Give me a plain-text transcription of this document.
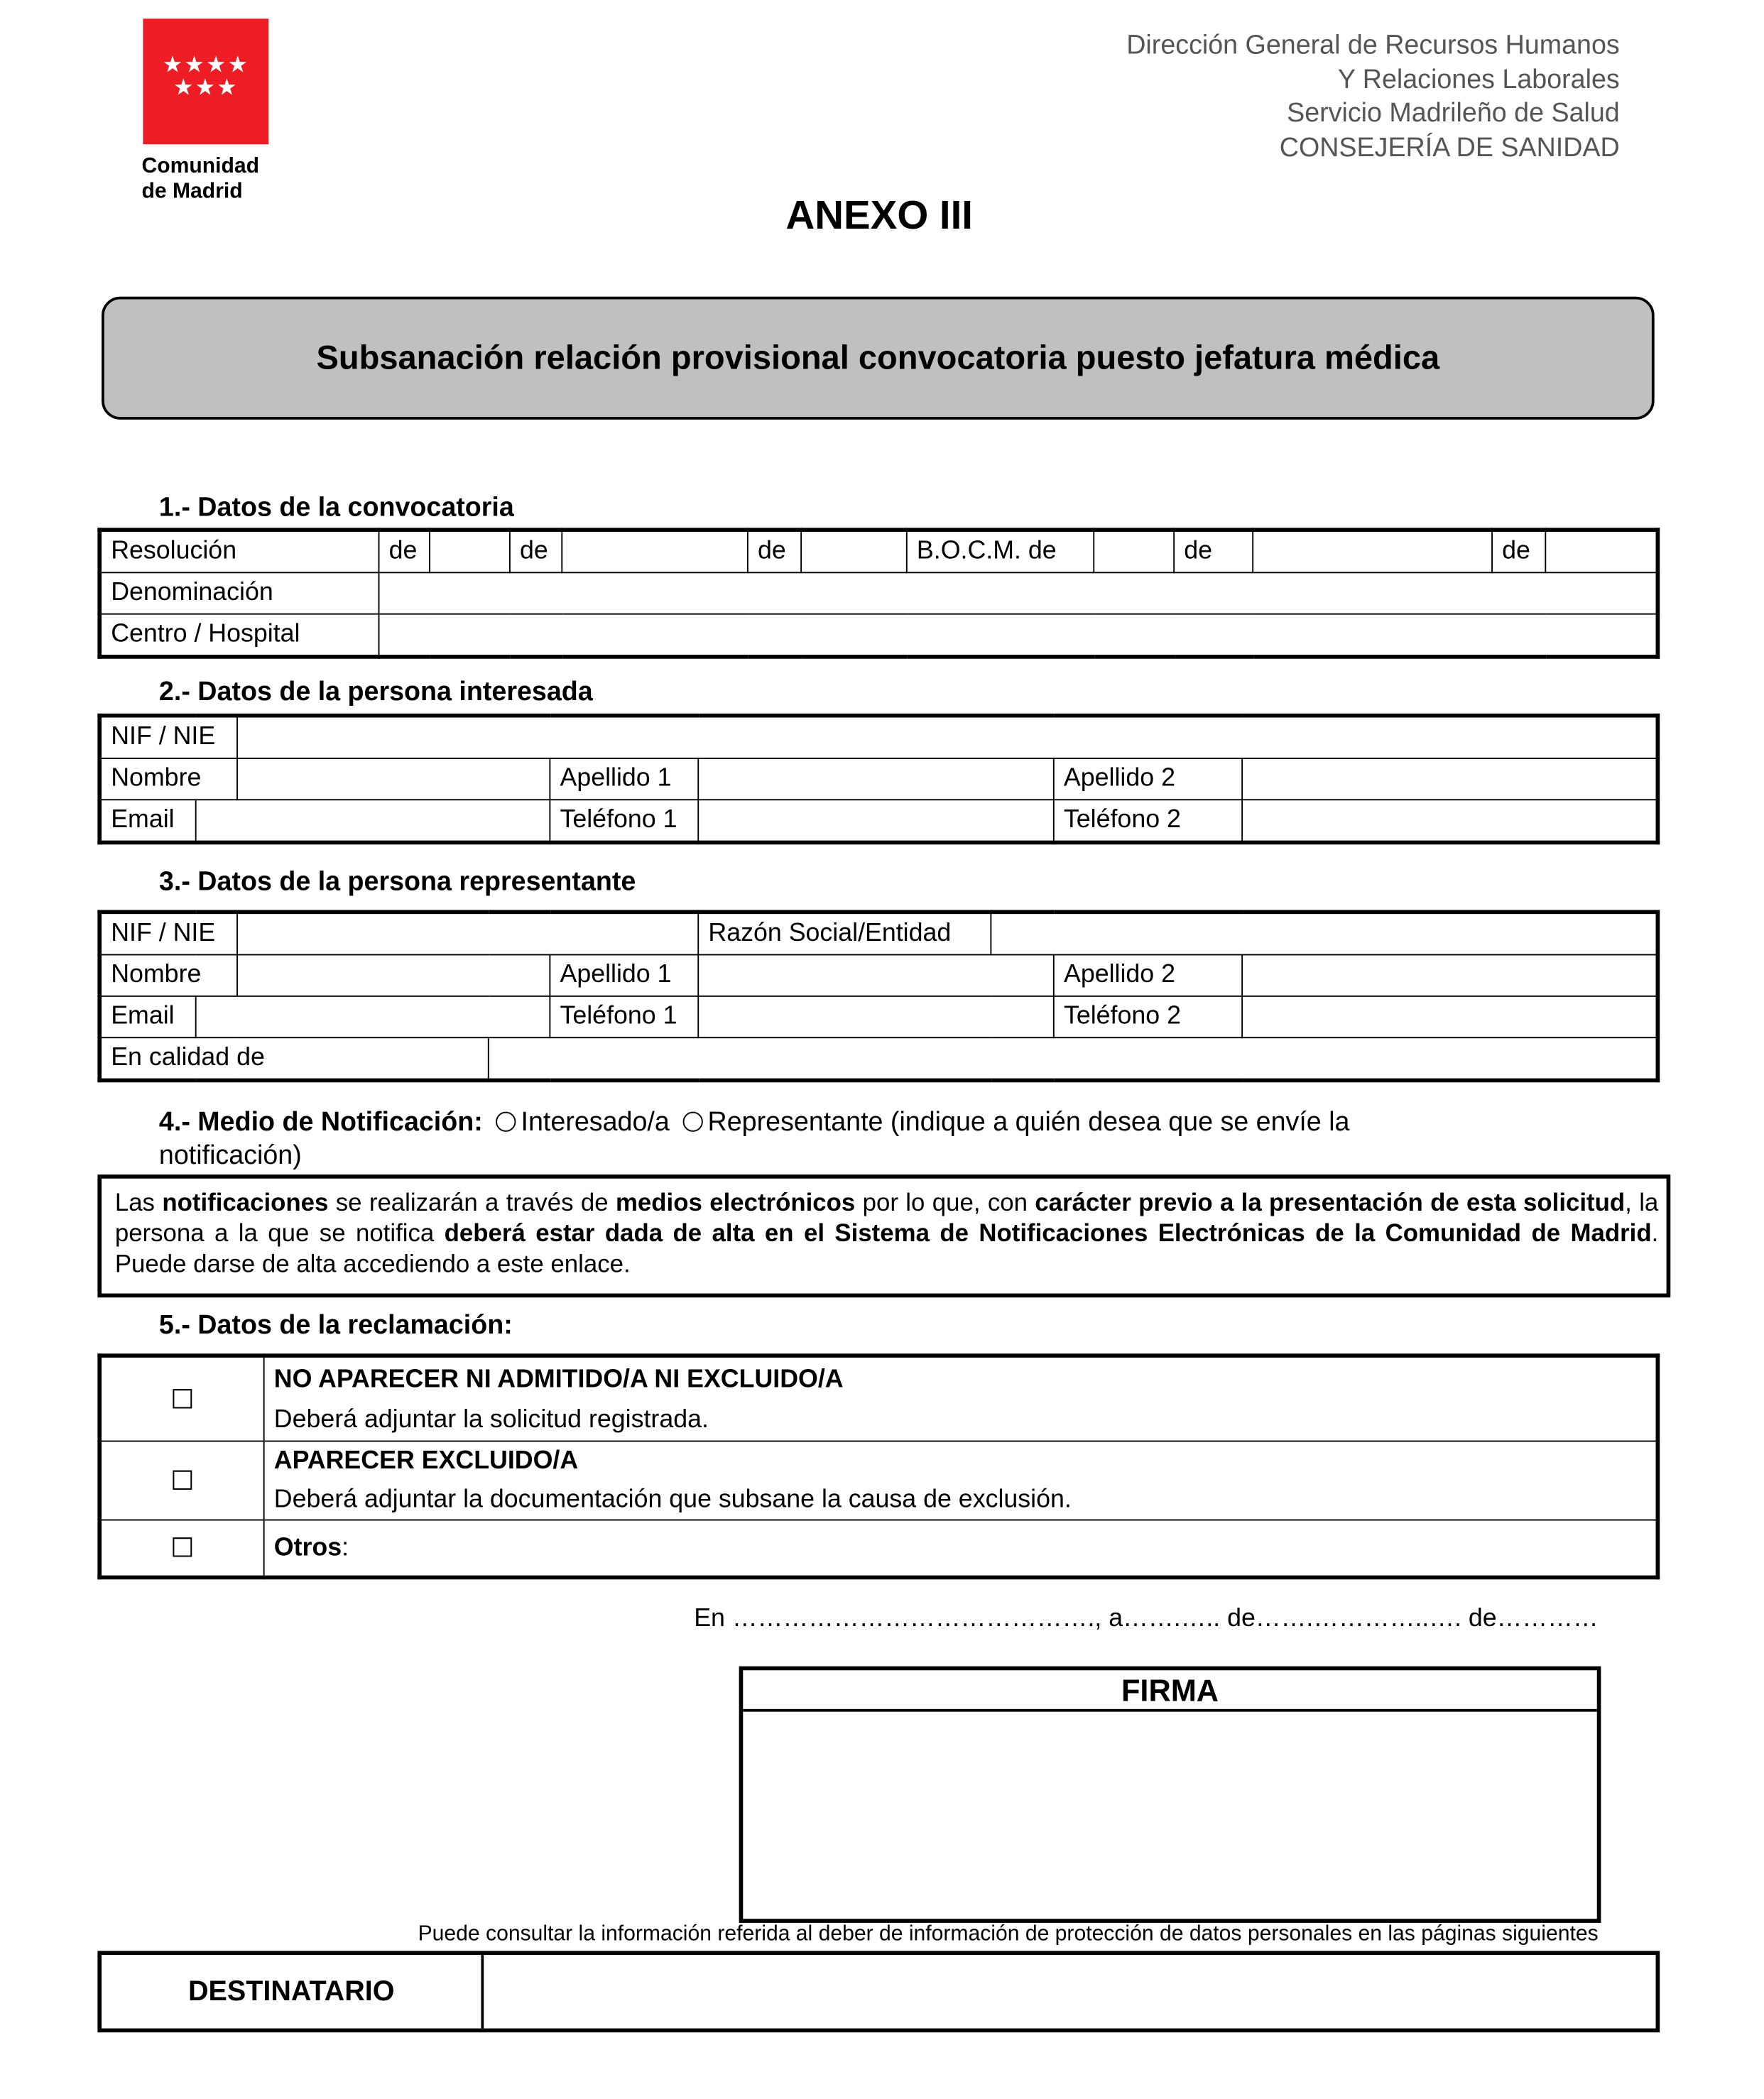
★★★★
★★★
Comunidad
de Madrid
Dirección General de Recursos Humanos
Y Relaciones Laborales
Servicio Madrileño de Salud
CONSEJERÍA DE SANIDAD
ANEXO III
Subsanación relación provisional convocatoria puesto jefatura médica
1.- Datos de la convocatoria
Resolución	de		de		de		B.O.C.M. de		de		de	
Denominación												
Centro / Hospital												
2.- Datos de la persona interesada
NIF / NIE						
Nombre			Apellido 1		Apellido 2	
Email			Teléfono 1		Teléfono 2	
3.- Datos de la persona representante
NIF / NIE					Razón Social/Entidad			
Nombre				Apellido 1			Apellido 2	
Email				Teléfono 1			Teléfono 2	
En calidad de								
4.- Medio de Notificación:	Interesado/a	Representante (indique a quién desea que se envíe la
notificación)
Las notificaciones se realizarán a través de medios electrónicos por lo que, con carácter previo a la presentación de esta solicitud, la persona a la que se notifica deberá estar dada de alta en el Sistema de Notificaciones Electrónicas de la Comunidad de Madrid. Puede darse de alta accediendo a este enlace.
5.- Datos de la reclamación:
☐	NO APARECER NI ADMITIDO/A NI EXCLUIDO/A
Deberá adjuntar la solicitud registrada.
☐	APARECER EXCLUIDO/A
Deberá adjuntar la documentación que subsane la causa de exclusión.
☐	Otros:
En ……………………………………., a…….….. de…….…………..…. de…………
FIRMA
Puede consultar la información referida al deber de información de protección de datos personales en las páginas siguientes
DESTINATARIO
